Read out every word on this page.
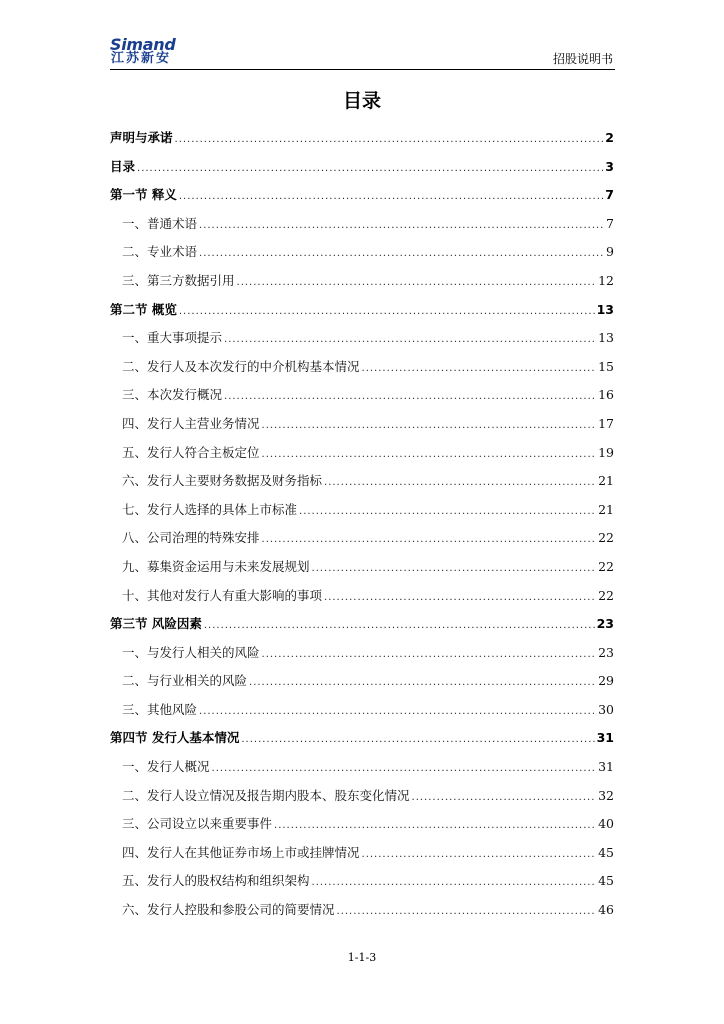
Simand
江苏新安	招股说明书
目录
声明与承诺 .....	2
目录 .....	3
第一节 释义 .....	7
一、普通术语 .....	7
二、专业术语 .....	9
三、第三方数据引用 .....	12
第二节 概览 .....	13
一、重大事项提示 .....	13
二、发行人及本次发行的中介机构基本情况 .....	15
三、本次发行概况 .....	16
四、发行人主营业务情况 .....	17
五、发行人符合主板定位 .....	19
六、发行人主要财务数据及财务指标 .....	21
七、发行人选择的具体上市标准 .....	21
八、公司治理的特殊安排 .....	22
九、募集资金运用与未来发展规划 .....	22
十、其他对发行人有重大影响的事项 .....	22
第三节 风险因素 .....	23
一、与发行人相关的风险 .....	23
二、与行业相关的风险 .....	29
三、其他风险 .....	30
第四节 发行人基本情况 .....	31
一、发行人概况 .....	31
二、发行人设立情况及报告期内股本、股东变化情况 .....	32
三、公司设立以来重要事件 .....	40
四、发行人在其他证券市场上市或挂牌情况 .....	45
五、发行人的股权结构和组织架构 .....	45
六、发行人控股和参股公司的简要情况 .....	46
1-1-3
